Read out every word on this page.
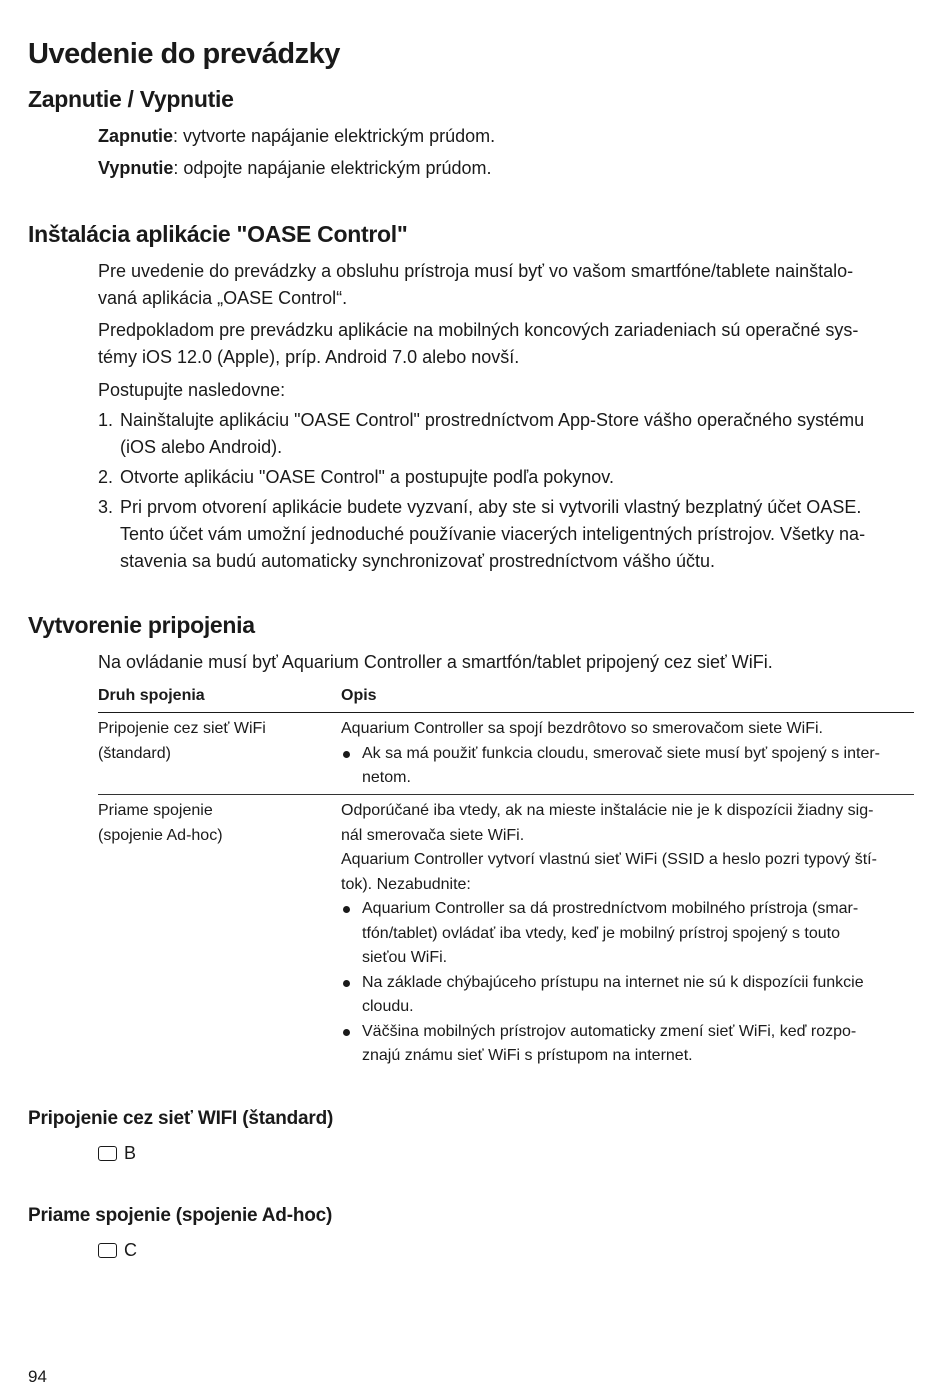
Uvedenie do prevádzky
Zapnutie / Vypnutie

Zapnutie: vytvorte napájanie elektrickým prúdom.

Vypnutie: odpojte napájanie elektrickým prúdom.

Inštalácia aplikácie "OASE Control"

Pre uvedenie do prevádzky a obsluhu prístroja musí byť vo vašom smartfóne/tablete nainštalo-
vaná aplikácia „OASE Control“.

Predpokladom pre prevádzku aplikácie na mobilných koncových zariadeniach sú operačné sys-
témy iOS 12.0 (Apple), príp. Android 7.0 alebo novší.

Postupujte nasledovne:

1. Nainštalujte aplikáciu "OASE Control" prostredníctvom App-Store vášho operačného systému
(iOS alebo Android).
2. Otvorte aplikáciu "OASE Control" a postupujte podľa pokynov.
3. Pri prvom otvorení aplikácie budete vyzvaní, aby ste si vytvorili vlastný bezplatný účet OASE.
Tento účet vám umožní jednoduché používanie viacerých inteligentných prístrojov. Všetky na-
stavenia sa budú automaticky synchronizovať prostredníctvom vášho účtu.
Vytvorenie pripojenia

Na ovládanie musí byť Aquarium Controller a smartfón/tablet pripojený cez sieť WiFi.

Druh spojenia	Opis
Pripojenie cez sieť WiFi
(štandard)
Aquarium Controller sa spojí bezdrôtovo so smerovačom siete WiFi.
Ak sa má použiť funkcia cloudu, smerovač siete musí byť spojený s inter-
netom.
Priame spojenie
(spojenie Ad-hoc)
Odporúčané iba vtedy, ak na mieste inštalácie nie je k dispozícii žiadny sig-
nál smerovača siete WiFi.
Aquarium Controller vytvorí vlastnú sieť WiFi (SSID a heslo pozri typový ští-
tok). Nezabudnite:
Aquarium Controller sa dá prostredníctvom mobilného prístroja (smar-
tfón/tablet) ovládať iba vtedy, keď je mobilný prístroj spojený s touto
sieťou WiFi.
Na základe chýbajúceho prístupu na internet nie sú k dispozícii funkcie
cloudu.
Väčšina mobilných prístrojov automaticky zmení sieť WiFi, keď rozpo-
znajú známu sieť WiFi s prístupom na internet.
Pripojenie cez sieť WIFI (štandard)
B
Priame spojenie (spojenie Ad-hoc)
C
94
